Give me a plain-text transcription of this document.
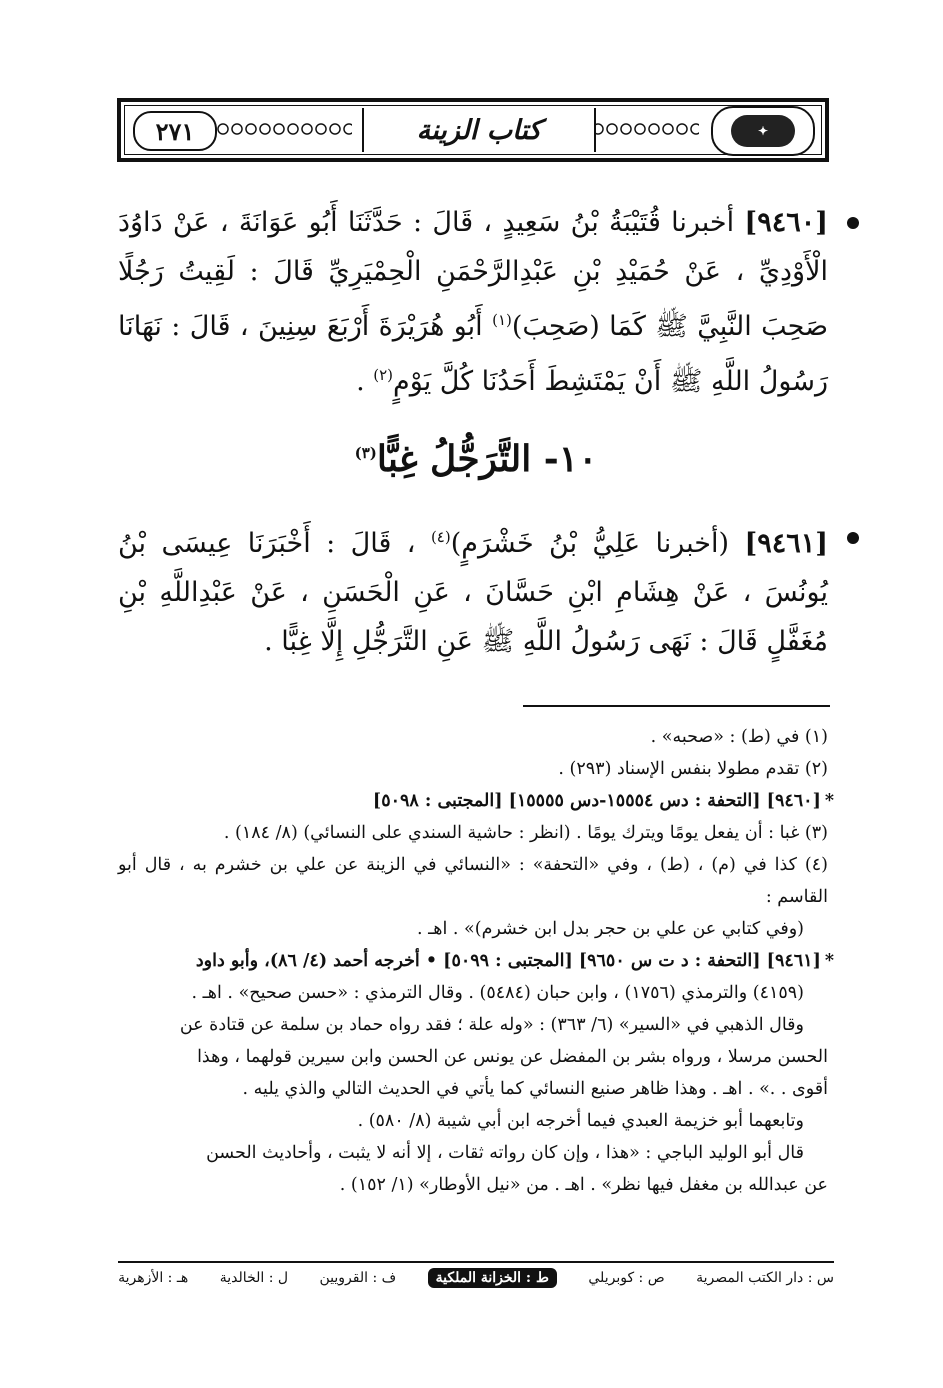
٢٧١	كتاب الزينة	✦

[٩٤٦٠] أخبرنا قُتَيْبَةُ بْنُ سَعِيدٍ ، قَالَ : حَدَّثَنَا أَبُو عَوَانَةَ ، عَنْ دَاوُدَ الْأَوْدِيِّ ، عَنْ حُمَيْدِ بْنِ عَبْدِالرَّحْمَنِ الْحِمْيَرِيِّ قَالَ : لَقِيتُ رَجُلًا صَحِبَ النَّبِيَّ ﷺ كَمَا (صَحِبَ)$^{(١)}$ أَبُو هُرَيْرَةَ أَرْبَعَ سِنِينَ ، قَالَ : نَهَانَا رَسُولُ اللَّهِ ﷺ أَنْ يَمْتَشِطَ أَحَدُنَا كُلَّ يَوْمٍ$^{(٢)}$ .

١٠- التَّرَجُّلُ غِبًّا$^{(٣)}$

[٩٤٦١] (أخبرنا عَلِيُّ بْنُ خَشْرَمٍ)$^{(٤)}$ ، قَالَ : أَخْبَرَنَا عِيسَى بْنُ يُونُسَ ، عَنْ هِشَامِ ابْنِ حَسَّانَ ، عَنِ الْحَسَنِ ، عَنْ عَبْدِاللَّهِ بْنِ مُغَفَّلٍ قَالَ : نَهَى رَسُولُ اللَّهِ ﷺ عَنِ التَّرَجُّلِ إِلَّا غِبًّا .

(١) في (ط) : «صحبه» .

(٢) تقدم مطولا بنفس الإسناد (٢٩٣) .

*[٩٤٦٠] [التحفة : دس ١٥٥٥٤-دس ١٥٥٥٥] [المجتبى : ٥٠٩٨]

(٣) غبا : أن يفعل يومًا ويترك يومًا . (انظر : حاشية السندي على النسائي) (٨/ ١٨٤) .

(٤) كذا في (م) ، (ط) ، وفي «التحفة» : «النسائي في الزينة عن علي بن خشرم به ، قال أبو القاسم :

(وفي كتابي عن علي بن حجر بدل ابن خشرم)» . اهـ .

*[٩٤٦١] [التحفة : د ت س ٩٦٥٠] [المجتبى : ٥٠٩٩] • أخرجه أحمد (٤/ ٨٦)، وأبو داود

(٤١٥٩) والترمذي (١٧٥٦) ، وابن حبان (٥٤٨٤) . وقال الترمذي : «حسن صحيح» . اهـ .

وقال الذهبي في «السير» (٦/ ٣٦٣) : «وله علة ؛ فقد رواه حماد بن سلمة عن قتادة عن

الحسن مرسلا ، ورواه بشر بن المفضل عن يونس عن الحسن وابن سيرين قولهما ، وهذا

أقوى . .» . اهـ . وهذا ظاهر صنيع النسائي كما يأتي في الحديث التالي والذي يليه .

وتابعهما أبو خزيمة العبدي فيما أخرجه ابن أبي شيبة (٨/ ٥٨٠) .

قال أبو الوليد الباجي : «هذا ، وإن كان رواته ثقات ، إلا أنه لا يثبت ، وأحاديث الحسن

عن عبدالله بن مغفل فيها نظر» . اهـ . من «نيل الأوطار» (١/ ١٥٢) .

س : دار الكتب المصرية
ص : كوبريلي
ط : الخزانة الملكية
ف : القرويين
ل : الخالدية
هـ : الأزهرية
